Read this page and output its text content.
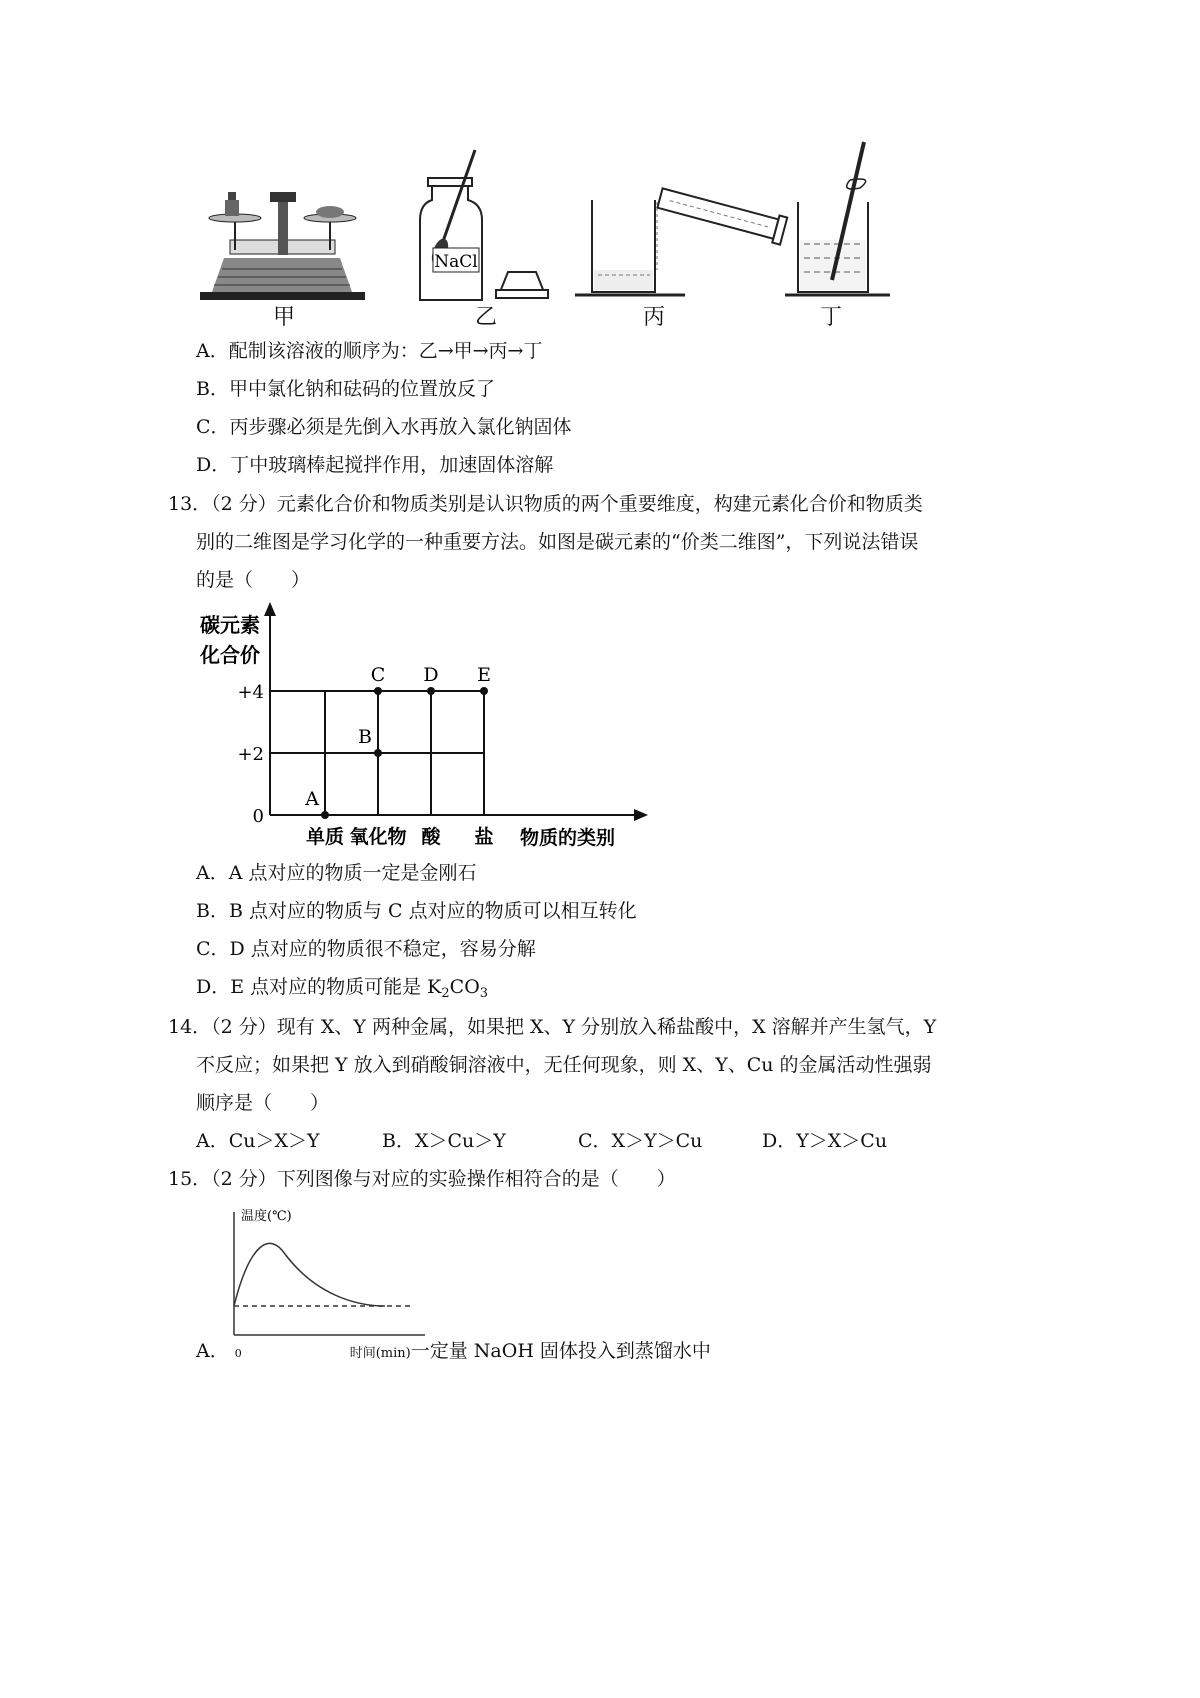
NaCl
甲	乙	丙	丁
A．配制该溶液的顺序为：乙→甲→丙→丁
B．甲中氯化钠和砝码的位置放反了
C．丙步骤必须是先倒入水再放入氯化钠固体
D．丁中玻璃棒起搅拌作用，加速固体溶解
13．（2 分）元素化合价和物质类别是认识物质的两个重要维度，构建元素化合价和物质类
别的二维图是学习化学的一种重要方法。如图是碳元素的“价类二维图”，下列说法错误
的是（　　）
碳元素
化合价
0
+2
+4
A
B
C D E
单质 氧化物 酸 盐 物质的类别
A．A 点对应的物质一定是金刚石
B．B 点对应的物质与 C 点对应的物质可以相互转化
C．D 点对应的物质很不稳定，容易分解
D．E 点对应的物质可能是 $K_2CO_3$
14．（2 分）现有 X、Y 两种金属，如果把 X、Y 分别放入稀盐酸中，X 溶解并产生氢气，Y
不反应；如果把 Y 放入到硝酸铜溶液中，无任何现象，则 X、Y、Cu 的金属活动性强弱
顺序是（　　）
A．Cu＞X＞Y	B．X＞Cu＞Y	C．X＞Y＞Cu	D．Y＞X＞Cu
15．（2 分）下列图像与对应的实验操作相符合的是（　　）
温度(℃)
A． 0	时间(min)一定量 NaOH 固体投入到蒸馏水中
